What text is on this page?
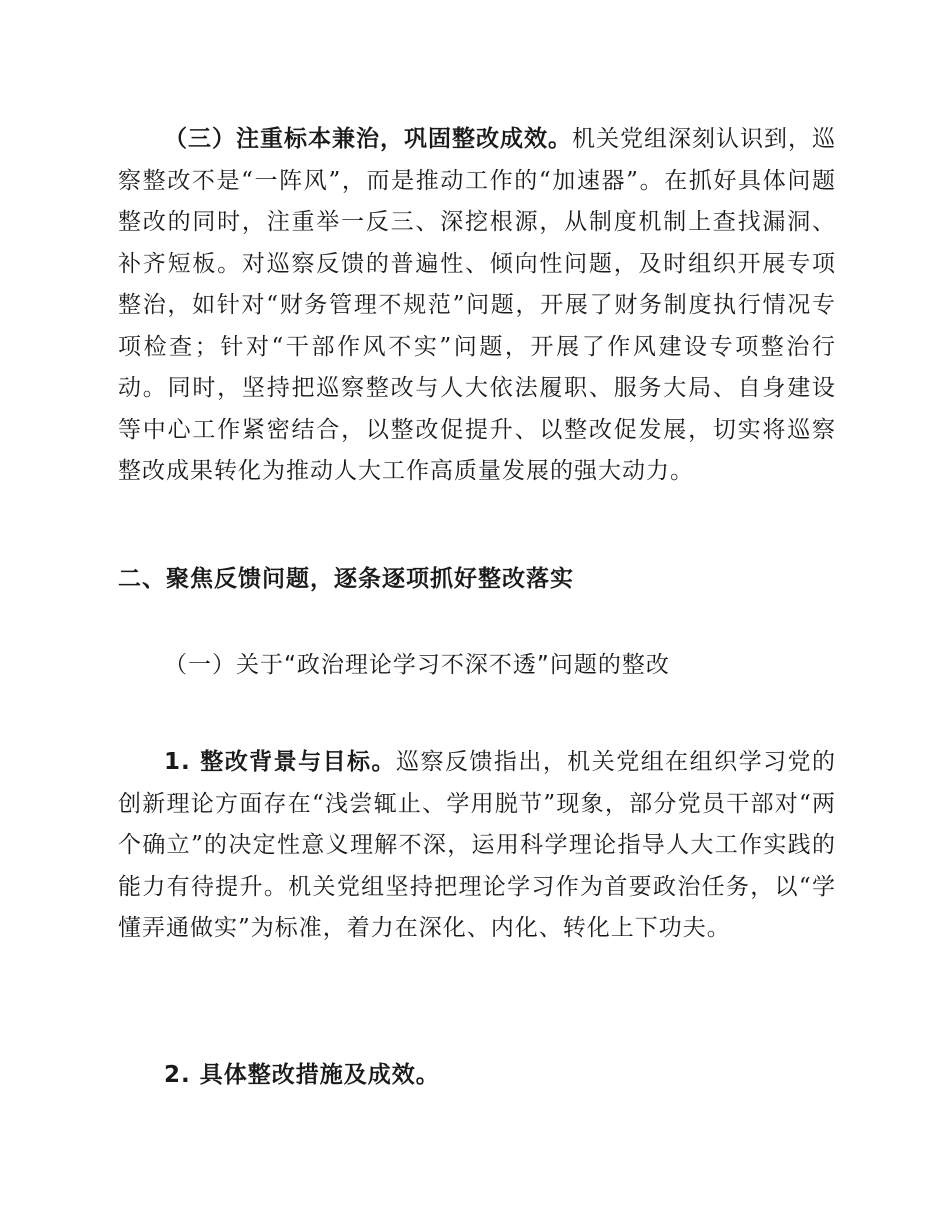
（三）注重标本兼治，巩固整改成效。机关党组深刻认识到，巡察整改不是“一阵风”，而是推动工作的“加速器”。在抓好具体问题整改的同时，注重举一反三、深挖根源，从制度机制上查找漏洞、补齐短板。对巡察反馈的普遍性、倾向性问题，及时组织开展专项整治，如针对“财务管理不规范”问题，开展了财务制度执行情况专项检查；针对“干部作风不实”问题，开展了作风建设专项整治行动。同时，坚持把巡察整改与人大依法履职、服务大局、自身建设等中心工作紧密结合，以整改促提升、以整改促发展，切实将巡察整改成果转化为推动人大工作高质量发展的强大动力。

二、聚焦反馈问题，逐条逐项抓好整改落实

（一）关于“政治理论学习不深不透”问题的整改

1. 整改背景与目标。巡察反馈指出，机关党组在组织学习党的创新理论方面存在“浅尝辄止、学用脱节”现象，部分党员干部对“两个确立”的决定性意义理解不深，运用科学理论指导人大工作实践的能力有待提升。机关党组坚持把理论学习作为首要政治任务，以“学懂弄通做实”为标准，着力在深化、内化、转化上下功夫。

2. 具体整改措施及成效。
